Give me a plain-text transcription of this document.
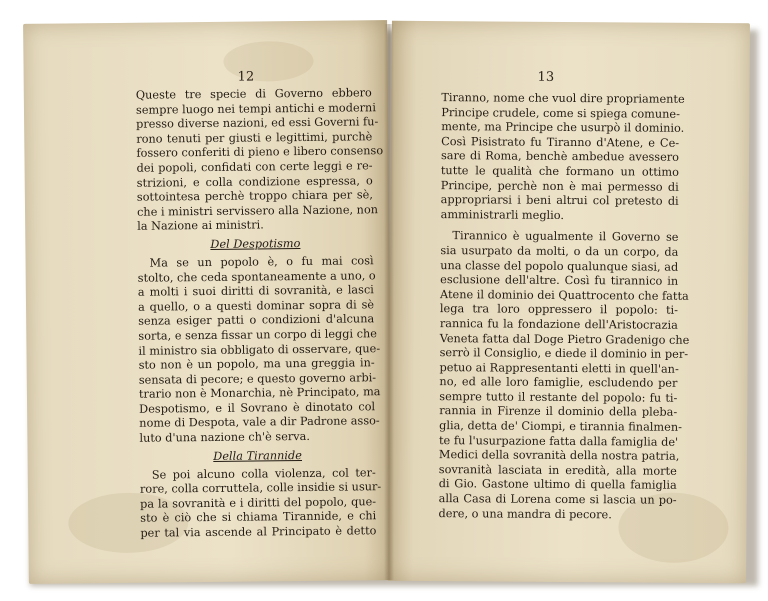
12
Queste tre specie di Governo ebbero
sempre luogo nei tempi antichi e moderni
presso diverse nazioni, ed essi Governi fu-
rono tenuti per giusti e legittimi, purchè
fossero conferiti di pieno e libero consenso
dei popoli, confidati con certe leggi e re-
strizioni, e colla condizione espressa, o
sottointesa perchè troppo chiara per sè,
che i ministri servissero alla Nazione, non
la Nazione ai ministri.
Del Despotismo
Ma se un popolo è, o fu mai così
stolto, che ceda spontaneamente a uno, o
a molti i suoi diritti di sovranità, e lasci
a quello, o a questi dominar sopra di sè
senza esiger patti o condizioni d'alcuna
sorta, e senza fissar un corpo di leggi che
il ministro sia obbligato di osservare, que-
sto non è un popolo, ma una greggia in-
sensata di pecore; e questo governo arbi-
trario non è Monarchia, nè Principato, ma
Despotismo, e il Sovrano è dinotato col
nome di Despota, vale a dir Padrone asso-
luto d'una nazione ch'è serva.
Della Tirannide
Se poi alcuno colla violenza, col ter-
rore, colla corruttela, colle insidie si usur-
pa la sovranità e i diritti del popolo, que-
sto è ciò che si chiama Tirannide, e chi
per tal via ascende al Principato è detto
13
Tiranno, nome che vuol dire propriamente
Principe crudele, come si spiega comune-
mente, ma Principe che usurpò il dominio.
Così Pisistrato fu Tiranno d'Atene, e Ce-
sare di Roma, benchè ambedue avessero
tutte le qualità che formano un ottimo
Principe, perchè non è mai permesso di
appropriarsi i beni altrui col pretesto di
amministrarli meglio.
Tirannico è ugualmente il Governo se
sia usurpato da molti, o da un corpo, da
una classe del popolo qualunque siasi, ad
esclusione dell'altre. Così fu tirannico in
Atene il dominio dei Quattrocento che fatta
lega tra loro oppressero il popolo: ti-
rannica fu la fondazione dell'Aristocrazia
Veneta fatta dal Doge Pietro Gradenigo che
serrò il Consiglio, e diede il dominio in per-
petuo ai Rappresentanti eletti in quell'an-
no, ed alle loro famiglie, escludendo per
sempre tutto il restante del popolo: fu ti-
rannia in Firenze il dominio della pleba-
glia, detta de' Ciompi, e tirannia finalmen-
te fu l'usurpazione fatta dalla famiglia de'
Medici della sovranità della nostra patria,
sovranità lasciata in eredità, alla morte
di Gio. Gastone ultimo di quella famiglia
alla Casa di Lorena come si lascia un po-
dere, o una mandra di pecore.
